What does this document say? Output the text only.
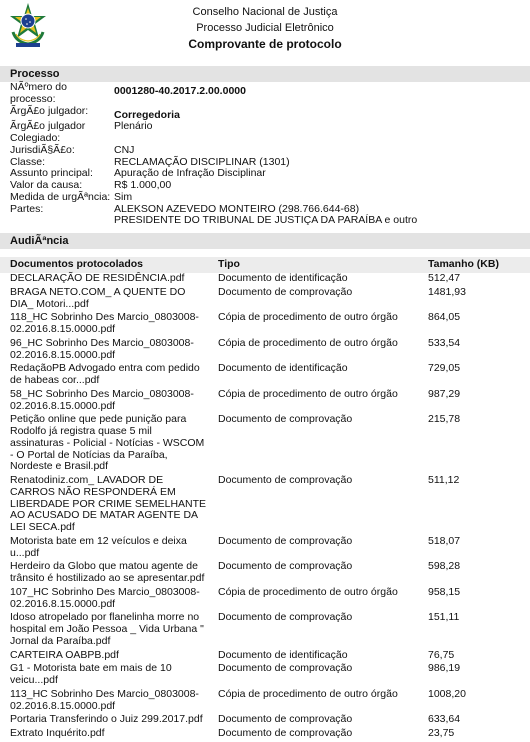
Conselho Nacional de Justiça
Processo Judicial Eletrônico
Comprovante de protocolo
Processo
NÃºmero do processo:
0001280-40.2017.2.00.0000
ÃrgÃ£o julgador:	Corregedoria
ÃrgÃ£o julgador Colegiado:
Plenário
JurisdiÃ§Ã£o:	CNJ
Classe:	RECLAMAÇÃO DISCIPLINAR (1301)
Assunto principal:	Apuração de Infração Disciplinar
Valor da causa:	R$ 1.000,00
Medida de urgÃªncia: Sim
Partes:	ALEKSON AZEVEDO MONTEIRO (298.766.644-68)
PRESIDENTE DO TRIBUNAL DE JUSTIÇA DA PARAÍBA e outro
AudiÃªncia
Documentos protocolados	Tipo	Tamanho (KB)
DECLARAÇÃO DE RESIDÊNCIA.pdf	Documento de identificação	512,47
BRAGA NETO.COM_ A QUENTE DO DIA_ Motori...pdf	Documento de comprovação	1481,93
118_HC Sobrinho Des Marcio_0803008-02.2016.8.15.0000.pdf	Cópia de procedimento de outro órgão	864,05
96_HC Sobrinho Des Marcio_0803008-02.2016.8.15.0000.pdf	Cópia de procedimento de outro órgão	533,54
RedaçãoPB Advogado entra com pedido de habeas cor...pdf	Documento de identificação	729,05
58_HC Sobrinho Des Marcio_0803008-02.2016.8.15.0000.pdf	Cópia de procedimento de outro órgão	987,29
Petição online que pede punição para Rodolfo já registra quase 5 mil assinaturas - Policial - Notícias - WSCOM - O Portal de Notícias da Paraíba, Nordeste e Brasil.pdf	Documento de comprovação	215,78
Renatodiniz.com_ LAVADOR DE CARROS NÃO RESPONDERÁ EM LIBERDADE POR CRIME SEMELHANTE AO ACUSADO DE MATAR AGENTE DA LEI SECA.pdf	Documento de comprovação	511,12
Motorista bate em 12 veículos e deixa u...pdf	Documento de comprovação	518,07
Herdeiro da Globo que matou agente de trânsito é hostilizado ao se apresentar.pdf	Documento de comprovação	598,28
107_HC Sobrinho Des Marcio_0803008-02.2016.8.15.0000.pdf	Cópia de procedimento de outro órgão	958,15
Idoso atropelado por flanelinha morre no hospital em João Pessoa _ Vida Urbana " Jornal da Paraíba.pdf	Documento de comprovação	151,11
CARTEIRA OABPB.pdf	Documento de identificação	76,75
G1 - Motorista bate em mais de 10 veicu...pdf	Documento de comprovação	986,19
113_HC Sobrinho Des Marcio_0803008-02.2016.8.15.0000.pdf	Cópia de procedimento de outro órgão	1008,20
Portaria Transferindo o Juiz 299.2017.pdf	Documento de comprovação	633,64
Extrato Inquérito.pdf	Documento de comprovação	23,75
